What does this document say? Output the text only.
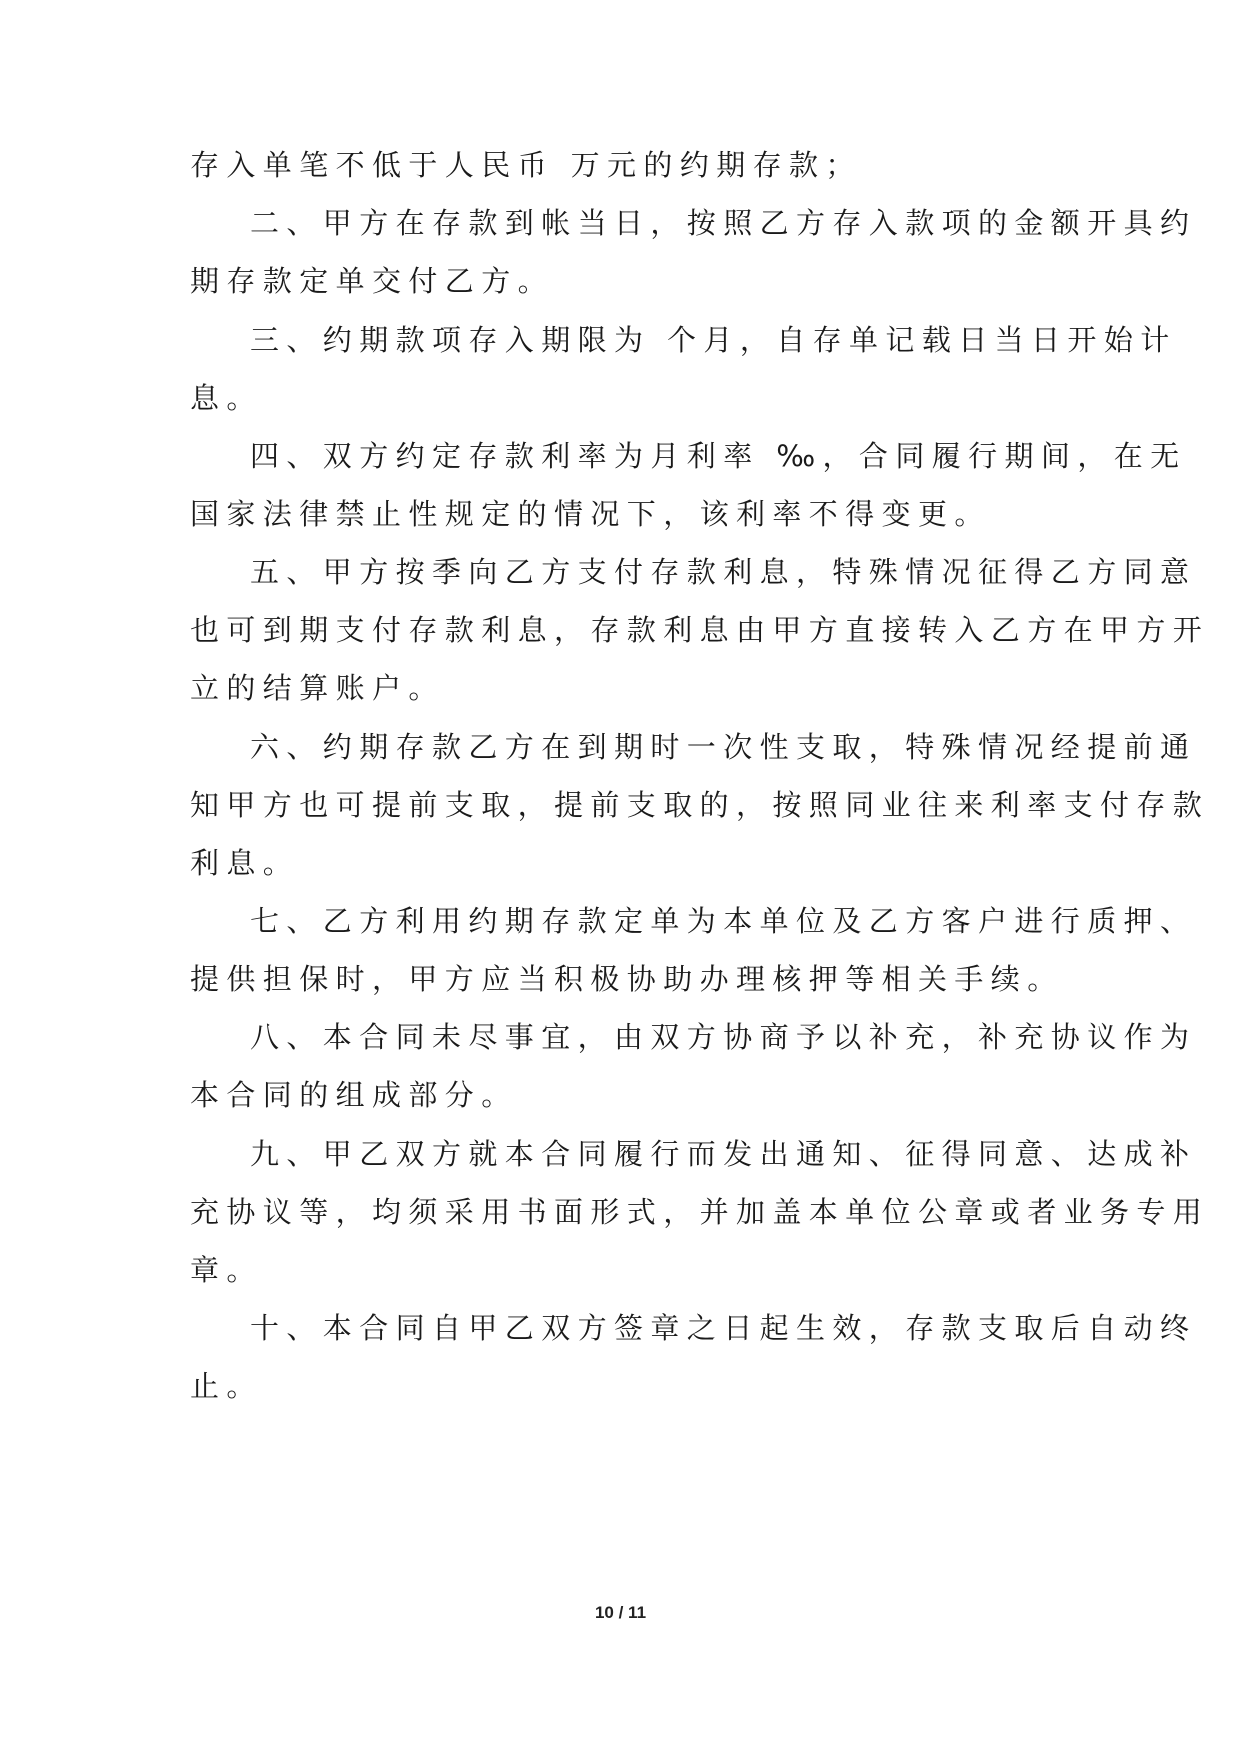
存入单笔不低于人民币 万元的约期存款；
二、甲方在存款到帐当日，按照乙方存入款项的金额开具约
期存款定单交付乙方。
三、约期款项存入期限为 个月，自存单记载日当日开始计
息。
四、双方约定存款利率为月利率 ‰，合同履行期间，在无
国家法律禁止性规定的情况下，该利率不得变更。
五、甲方按季向乙方支付存款利息，特殊情况征得乙方同意
也可到期支付存款利息，存款利息由甲方直接转入乙方在甲方开
立的结算账户。
六、约期存款乙方在到期时一次性支取，特殊情况经提前通
知甲方也可提前支取，提前支取的，按照同业往来利率支付存款
利息。
七、乙方利用约期存款定单为本单位及乙方客户进行质押、
提供担保时，甲方应当积极协助办理核押等相关手续。
八、本合同未尽事宜，由双方协商予以补充，补充协议作为
本合同的组成部分。
九、甲乙双方就本合同履行而发出通知、征得同意、达成补
充协议等，均须采用书面形式，并加盖本单位公章或者业务专用
章。
十、本合同自甲乙双方签章之日起生效，存款支取后自动终
止。
10 / 11
